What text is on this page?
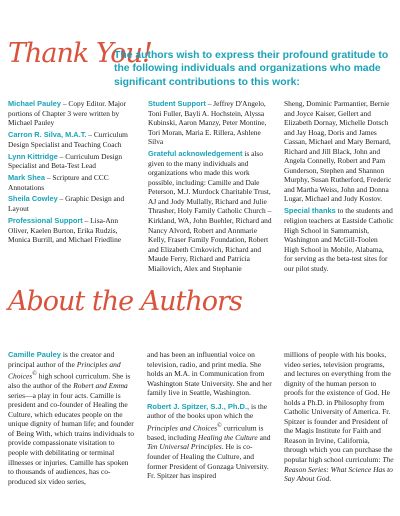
Thank You!
The authors wish to express their profound gratitude to the following individuals and organizations who made significant contributions to this work:

Michael Pauley – Copy Editor. Major portions of Chapter 3 were written by Michael Pauley

Carron R. Silva, M.A.T. – Curriculum Design Specialist and Teaching Coach

Lynn Kittridge – Curriculum Design Specialist and Beta-Test Lead

Mark Shea – Scripture and CCC Annotations

Sheila Cowley – Graphic Design and Layout

Professional Support – Lisa-Ann Oliver, Kaelen Burton, Erika Rudzis, Monica Burrill, and Michael Friedline

Student Support – Jeffrey D'Angelo, Toni Fuller, Bayli A. Hochstein, Alyssa Kubinski, Aaron Manzy, Peter Montine, Tori Moran, Maria E. Rillera, Ashlene Silva

Grateful acknowledgement is also given to the many individuals and organizations who made this work possible, including: Camille and Dale Peterson, M.J. Murdock Charitable Trust, AJ and Jody Mullally, Richard and Julie Thrasher, Holy Family Catholic Church – Kirkland, WA, John Buehler, Richard and Nancy Alvord, Robert and Annmarie Kelly, Fraser Family Foundation, Robert and Elizabeth Crnkovich, Richard and Maude Ferry, Richard and Patricia Miailovich, Alex and Stephanie

Sheng, Dominic Parmantier, Bernie and Joyce Kaiser, Gellert and Elizabeth Dornay, Michelle Dotsch and Jay Hoag, Doris and James Cassan, Michael and Mary Bernard, Richard and Jill Black, John and Angela Connelly, Robert and Pam Gunderson, Stephen and Shannon Murphy, Susan Rutherford, Frederic and Martha Weiss, John and Donna Lugar, Michael and Judy Kostov.

Special thanks to the students and religion teachers at Eastside Catholic High School in Sammamish, Washington and McGill-Toolen High School in Mobile, Alabama, for serving as the beta-test sites for our pilot study.

About the Authors

Camille Pauley is the creator and principal author of the Principles and Choices© high school curriculum. She is also the author of the Robert and Emma series—a play in four acts. Camille is president and co-founder of Healing the Culture, which educates people on the unique dignity of human life; and founder of Being With, which trains individuals to provide compassionate visitation to people with debilitating or terminal illnesses or injuries. Camille has spoken to thousands of audiences, has co-produced six video series,

and has been an influential voice on television, radio, and print media. She holds an M.A. in Communication from Washington State University. She and her family live in Seattle, Washington.

Robert J. Spitzer, S.J., Ph.D., is the author of the books upon which the Principles and Choices© curriculum is based, including Healing the Culture and Ten Universal Principles. He is co-founder of Healing the Culture, and former President of Gonzaga University. Fr. Spitzer has inspired

millions of people with his books, video series, television programs, and lectures on everything from the dignity of the human person to proofs for the existence of God. He holds a Ph.D. in Philosophy from Catholic University of America. Fr. Spitzer is founder and President of the Magis Institute for Faith and Reason in Irvine, California, through which you can purchase the popular high school curriculum: The Reason Series: What Science Has to Say About God.
